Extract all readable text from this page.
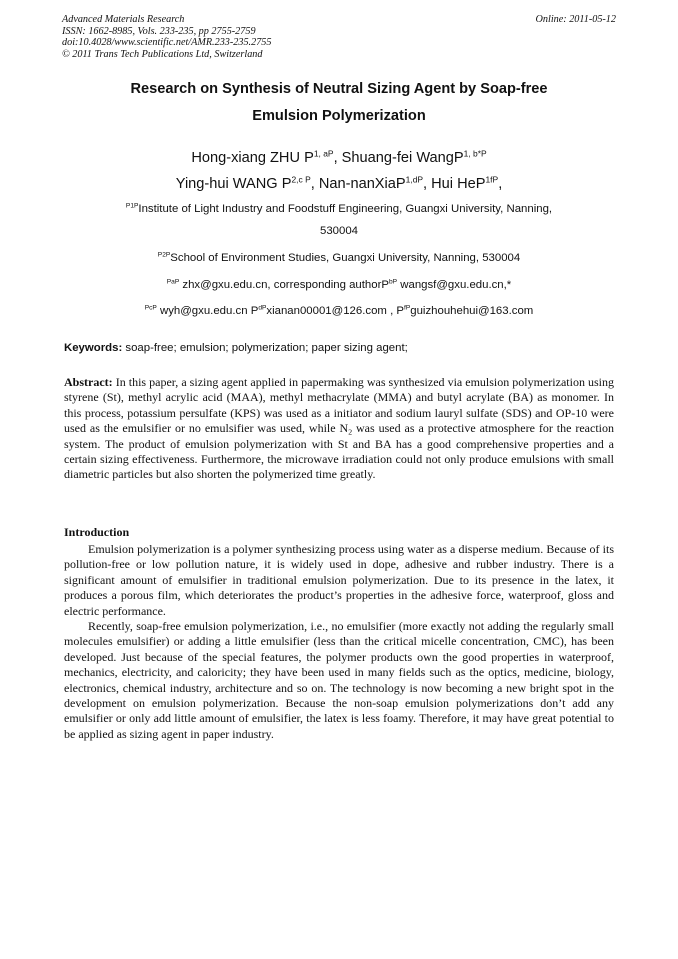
Advanced Materials Research
ISSN: 1662-8985, Vols. 233-235, pp 2755-2759
doi:10.4028/www.scientific.net/AMR.233-235.2755
© 2011 Trans Tech Publications Ltd, Switzerland
Online: 2011-05-12
Research on Synthesis of Neutral Sizing Agent by Soap-free
Emulsion Polymerization
Hong-xiang ZHU $P^{1, aP}$, Shuang-fei WangP$^{1, b*P}$
Ying-hui WANG $P^{2,c P}$, Nan-nanXiaP$^{1,dP}$, Hui HeP$^{1fP}$,
$^{P1P}$Institute of Light Industry and Foodstuff Engineering, Guangxi University, Nanning,
530004
$^{P2P}$School of Environment Studies, Guangxi University, Nanning, 530004
$^{PaP}$ zhx@gxu.edu.cn, corresponding authorP$^{bP}$ wangsf@gxu.edu.cn,*
$^{PcP}$ wyh@gxu.edu.cn $P^{dP}xianan00001@126.com$ , $P^{fP}guizhouhehui@163.com$
Keywords: soap-free; emulsion; polymerization; paper sizing agent;
Abstract: In this paper, a sizing agent applied in papermaking was synthesized via emulsion polymerization using styrene (St), methyl acrylic acid (MAA), methyl methacrylate (MMA) and butyl acrylate (BA) as monomer. In this process, potassium persulfate (KPS) was used as a initiator and sodium lauryl sulfate (SDS) and OP-10 were used as the emulsifier or no emulsifier was used, while $N_2$ was used as a protective atmosphere for the reaction system. The product of emulsion polymerization with St and BA has a good comprehensive properties and a certain sizing effectiveness. Furthermore, the microwave irradiation could not only produce emulsions with small diametric particles but also shorten the polymerized time greatly.
Introduction

Emulsion polymerization is a polymer synthesizing process using water as a disperse medium. Because of its pollution-free or low pollution nature, it is widely used in dope, adhesive and rubber industry. There is a significant amount of emulsifier in traditional emulsion polymerization. Due to its presence in the latex, it produces a porous film, which deteriorates the product’s properties in the adhesive force, waterproof, gloss and electric performance.

Recently, soap-free emulsion polymerization, i.e., no emulsifier (more exactly not adding the regularly small molecules emulsifier) or adding a little emulsifier (less than the critical micelle concentration, CMC), has been developed. Just because of the special features, the polymer products own the good properties in waterproof, mechanics, electricity, and caloricity; they have been used in many fields such as the optics, medicine, biology, electronics, chemical industry, architecture and so on. The technology is now becoming a new bright spot in the development on emulsion polymerization. Because the non-soap emulsion polymerizations don’t add any emulsifier or only add little amount of emulsifier, the latex is less foamy. Therefore, it may have great potential to be applied as sizing agent in paper industry.
